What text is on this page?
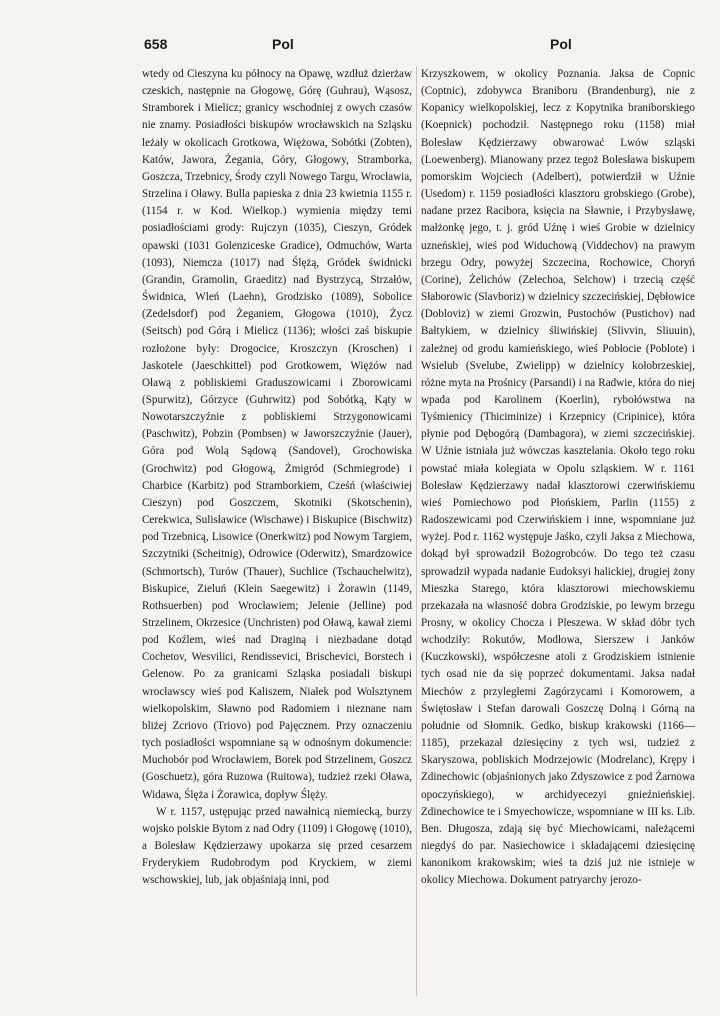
658	Pol	Pol

wtedy od Cieszyna ku północy na Opawę, wzdłuż dzierżaw czeskich, następnie na Głogowę, Górę (Guhrau), Wąsosz, Stramborek i Mielicz; granicy wschodniej z owych czasów nie znamy. Posiadłości biskupów wrocławskich na Szląsku leżały w okolicach Grotkowa, Więżowa, Sobótki (Zobten), Katów, Jawora, Żegania, Góry, Głogowy, Stramborka, Goszcza, Trzebnicy, Środy czyli Nowego Targu, Wrocławia, Strzelina i Oławy. Bulla papieska z dnia 23 kwietnia 1155 r. (1154 r. w Kod. Wielkop.) wymienia między temi posiadłościami grody: Rujczyn (1035), Cieszyn, Gródek opawski (1031 Golenziceske Gradice), Odmuchów, Warta (1093), Niemcza (1017) nad Ślężą, Gródek świdnicki (Grandin, Gramolin, Graeditz) nad Bystrzycą, Strzałów, Świdnica, Wleń (Laehn), Grodzisko (1089), Sobolice (Zedelsdorf) pod Żeganiem, Głogowa (1010), Życz (Seitsch) pod Górą i Mielicz (1136); włości zaś biskupie rozłożone były: Drogocice, Kroszczyn (Kroschen) i Jaskotele (Jaeschkittel) pod Grotkowem, Więżów nad Oławą z pobliskiemi Graduszowicami i Zborowicami (Spurwitz), Górzyce (Guhrwitz) pod Sobótką, Kąty w Nowotarszczyźnie z pobliskiemi Strzygonowicami (Paschwitz), Pobzin (Pombsen) w Jaworszczyźnie (Jauer), Góra pod Wolą Sądową (Sandovel), Grochowiska (Grochwitz) pod Głogową, Żmigród (Schmiegrode) i Charbice (Karbitz) pod Stramborkiem, Cześń (właściwiej Cieszyn) pod Goszczem, Skotniki (Skotschenin), Cerekwica, Sulisławice (Wischawe) i Biskupice (Bischwitz) pod Trzebnicą, Lisowice (Onerkwitz) pod Nowym Targiem, Szczytniki (Scheitnig), Odrowice (Oderwitz), Smardzowice (Schmortsch), Turów (Thauer), Suchlice (Tschauchelwitz), Biskupice, Zieluń (Klein Saegewitz) i Żorawin (1149, Rothsuerben) pod Wrocławiem; Jelenie (Jellinе) pod Strzelinem, Okrzesice (Unchristen) pod Oławą, kawał ziemi pod Koźlem, wieś nad Draginą i niezbadane dotąd Cochetov, Wesvilici, Rendissevici, Brischevici, Borstech i Gelenow. Po za granicami Szląska posiadali biskupi wrocławscy wieś pod Kaliszem, Niałek pod Wolsztynem wielkopolskim, Sławno pod Radomiem i nieznane nam bliżej Zcriovo (Triovo) pod Pajęcznem. Przy oznaczeniu tych posiadłości wspomniane są w odnośnym dokumencie: Muchobór pod Wrocławiem, Borek pod Strzelinem, Goszcz (Goschuetz), góra Ruzowa (Ruitowa), tudzież rzeki Oława, Widawa, Ślęża i Żorawica, dopływ Ślęży.

W r. 1157, ustępując przed nawałnicą niemiecką, burzy wojsko polskie Bytom z nad Odry (1109) i Głogowę (1010), a Bolesław Kędzierzawy upokarza się przed cesarzem Fryderykiem Rudobrodym pod Kryckiem, w ziemi wschowskiej, lub, jak objaśniają inni, pod

Krzyszkowem, w okolicy Poznania. Jaksa de Copnic (Coptnic), zdobywca Braniboru (Brandenburg), nie z Kopanicy wielkopolskiej, lecz z Kopytnika braniborskiego (Koepnick) pochodził. Następnego roku (1158) miał Bolesław Kędzierzawy obwarować Lwów szląski (Loewenberg). Mianowany przez tegoż Bolesława biskupem pomorskim Wojciech (Adelbert), potwierdził w Uźnie (Usedom) r. 1159 posiadłości klasztoru grobskiego (Grobe), nadane przez Racibora, księcia na Sławnie, i Przybysławę, małżonkę jego, t. j. gród Uźnę i wieś Grobie w dzielnicy uzneńskiej, wieś pod Widuchową (Viddechov) na prawym brzegu Odry, powyżej Szczecina, Rochowice, Choryń (Corine), Żelichów (Zelechoa, Selchow) i trzecią część Słaborowic (Slavboriz) w dzielnicy szczecińskiej, Dębłowice (Dobloviz) w ziemi Grozwin, Pustochów (Pustichov) nad Bałtykiem, w dzielnicy śliwińskiej (Slivvin, Sliuuin), zależnej od grodu kamieńskiego, wieś Pobłocie (Poblote) i Wsielub (Svelube, Zwielipp) w dzielnicy kołobrzeskiej, różne myta na Prośnicy (Parsandi) i na Radwie, która do niej wpada pod Karolinem (Koerlin), rybołówstwa na Tyśmienicy (Thiciminize) i Krzepnicy (Cripinice), która płynie pod Dębogórą (Dambagora), w ziemi szczecińskiej. W Uźnie istniała już wówczas kasztelania. Około tego roku powstać miała kolegiata w Opolu szląskiem. W r. 1161 Bolesław Kędzierzawy nadał klasztorowi czerwińskiemu wieś Pomiechowo pod Płońskiem, Parlin (1155) z Radoszewicami pod Czerwińskiem i inne, wspomniane już wyżej. Pod r. 1162 występuje Jaśko, czyli Jaksa z Miechowa, dokąd był sprowadził Bożogrobców. Do tego też czasu sprowadził wypada nadanie Eudoksyi halickiej, drugiej żony Mieszka Starego, która klasztorowi miechowskiemu przekazała na własność dobra Grodziskie, po lewym brzegu Prosny, w okolicy Chocza i Pleszewa. W skład dóbr tych wchodziły: Rokutów, Modłowa, Sierszew i Janków (Kuczkowski), współczesne atoli z Grodziskiem istnienie tych osad nie da się poprzeć dokumentami. Jaksa nadał Miechów z przyległemi Zagórzycami i Komorowem, a Świętosław i Stefan darowali Goszczę Dolną i Górną na południe od Słomnik. Gedko, biskup krakowski (1166—1185), przekazał dziesięciny z tych wsi, tudzież z Skaryszowa, pobliskich Modrzejowic (Modrelanc), Krępy i Zdinechowic (objaśnionych jako Zdyszowice z pod Żarnowa opoczyńskiego), w archidyecezyi gnieźnieńskiej. Zdinechowice te i Smyechowicze, wspomniane w III ks. Lib. Ben. Długosza, zdają się być Miechowicami, należącemi niegdyś do par. Nasiechowice i składającemi dziesięcinę kanonikom krakowskim; wieś ta dziś już nie istnieje w okolicy Miechowa. Dokument patryarchy jerozo-
